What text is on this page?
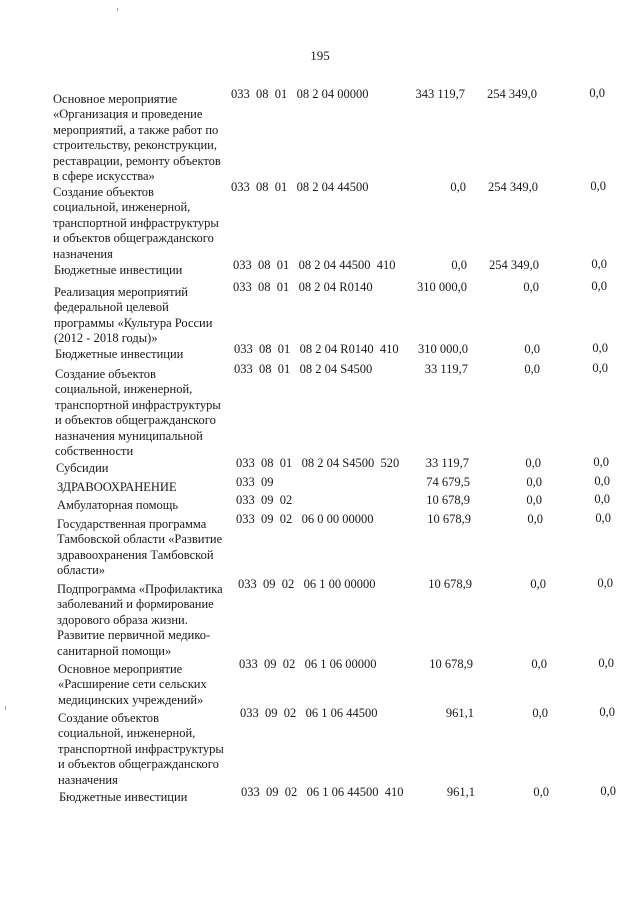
195
Основное мероприятие
«Организация и проведение
мероприятий, а также работ по
строительству, реконструкции,
реставрации, ремонту объектов
в сфере искусства»
033  08  01   08 2 04 00000	343 119,7	254 349,0	0,0
Создание объектов
социальной, инженерной,
транспортной инфраструктуры
и объектов общегражданского
назначения
033  08  01   08 2 04 44500	0,0	254 349,0	0,0
Бюджетные инвестиции	033  08  01   08 2 04 44500  410	0,0	254 349,0	0,0
Реализация мероприятий
федеральной целевой
программы «Культура России
(2012 - 2018 годы)»
033  08  01   08 2 04 R0140	310 000,0	0,0	0,0
Бюджетные инвестиции	033  08  01   08 2 04 R0140  410	310 000,0	0,0	0,0
Создание объектов
социальной, инженерной,
транспортной инфраструктуры
и объектов общегражданского
назначения муниципальной
собственности
033  08  01   08 2 04 S4500	33 119,7	0,0	0,0
Субсидии	033  08  01   08 2 04 S4500  520	33 119,7	0,0	0,0
ЗДРАВООХРАНЕНИЕ	033  09	74 679,5	0,0	0,0
Амбулаторная помощь	033  09  02	10 678,9	0,0	0,0
Государственная программа
Тамбовской области «Развитие
здравоохранения Тамбовской
области»
033  09  02   06 0 00 00000	10 678,9	0,0	0,0
Подпрограмма «Профилактика
заболеваний и формирование
здорового образа жизни.
Развитие первичной медико-
санитарной помощи»
033  09  02   06 1 00 00000	10 678,9	0,0	0,0
Основное мероприятие
«Расширение сети сельских
медицинских учреждений»
033  09  02   06 1 06 00000	10 678,9	0,0	0,0
Создание объектов
социальной, инженерной,
транспортной инфраструктуры
и объектов общегражданского
назначения
033  09  02   06 1 06 44500	961,1	0,0	0,0
Бюджетные инвестиции	033  09  02   06 1 06 44500  410	961,1	0,0	0,0
